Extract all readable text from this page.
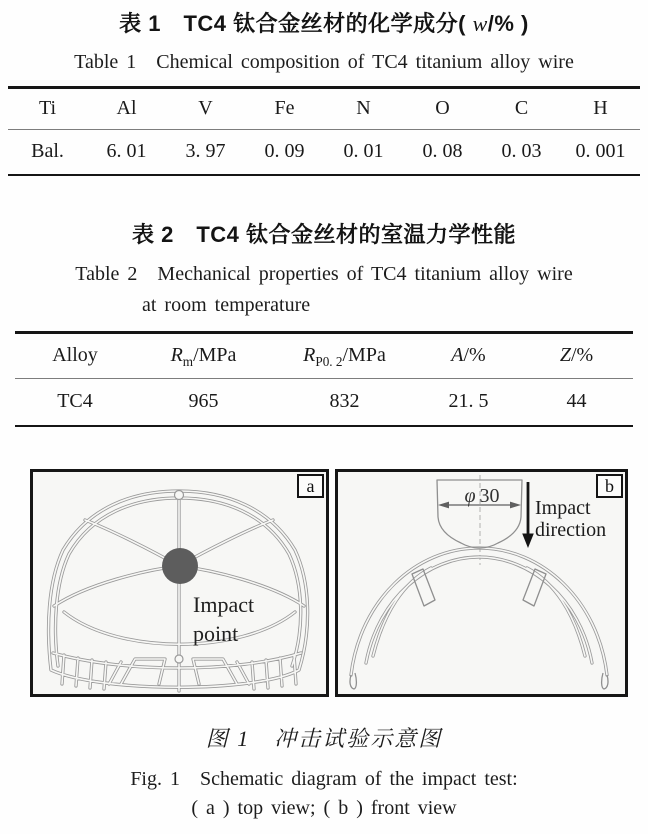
表 1　TC4 钛合金丝材的化学成分( w/% )
Table 1　Chemical composition of TC4 titanium alloy wire
Ti	Al	V	Fe	N	O	C	H
Bal.	6. 01	3. 97	0. 09	0. 01	0. 08	0. 03	0. 001
表 2　TC4 钛合金丝材的室温力学性能
Table 2　Mechanical properties of TC4 titanium alloy wire
at room temperature
Alloy	$R_m$/MPa	$R_{P0. 2}$/MPa	A/%	Z/%
TC4	965	832	21. 5	44
Impact
point
a	φ 30
Impact
direction
b
图 1　冲击试验示意图
Fig. 1　Schematic diagram of the impact test:
( a ) top view; ( b ) front view
